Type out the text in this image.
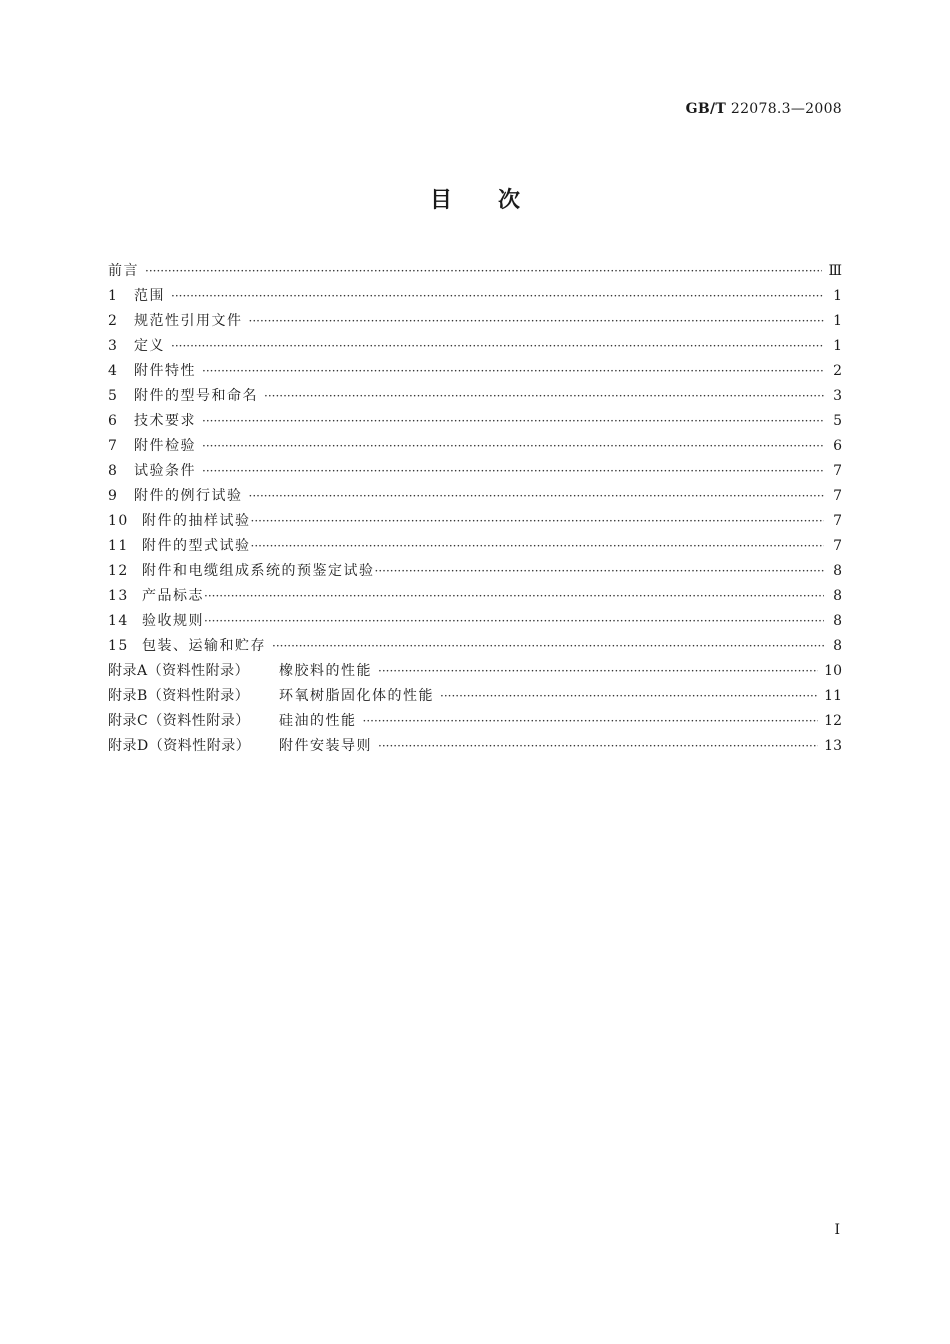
GB/T 22078.3—2008
目次
前言 ·····	Ⅲ
1	范围 ·····	1
2	规范性引用文件 ·····	1
3	定义 ·····	1
4	附件特性 ·····	2
5	附件的型号和命名 ·····	3
6	技术要求 ·····	5
7	附件检验 ·····	6
8	试验条件 ·····	7
9	附件的例行试验 ·····	7
10 附件的抽样试验 ·····	7
11 附件的型式试验 ·····	7
12 附件和电缆组成系统的预鉴定试验 ·····	8
13 产品标志 ·····	8
14 验收规则 ·····	8
15 包装、运输和贮存 ·····	8
附录A（资料性附录）	橡胶料的性能 ·····	10
附录B（资料性附录）	环氧树脂固化体的性能 ·····	11
附录C（资料性附录）	硅油的性能 ·····	12
附录D（资料性附录）	附件安装导则 ·····	13
I
